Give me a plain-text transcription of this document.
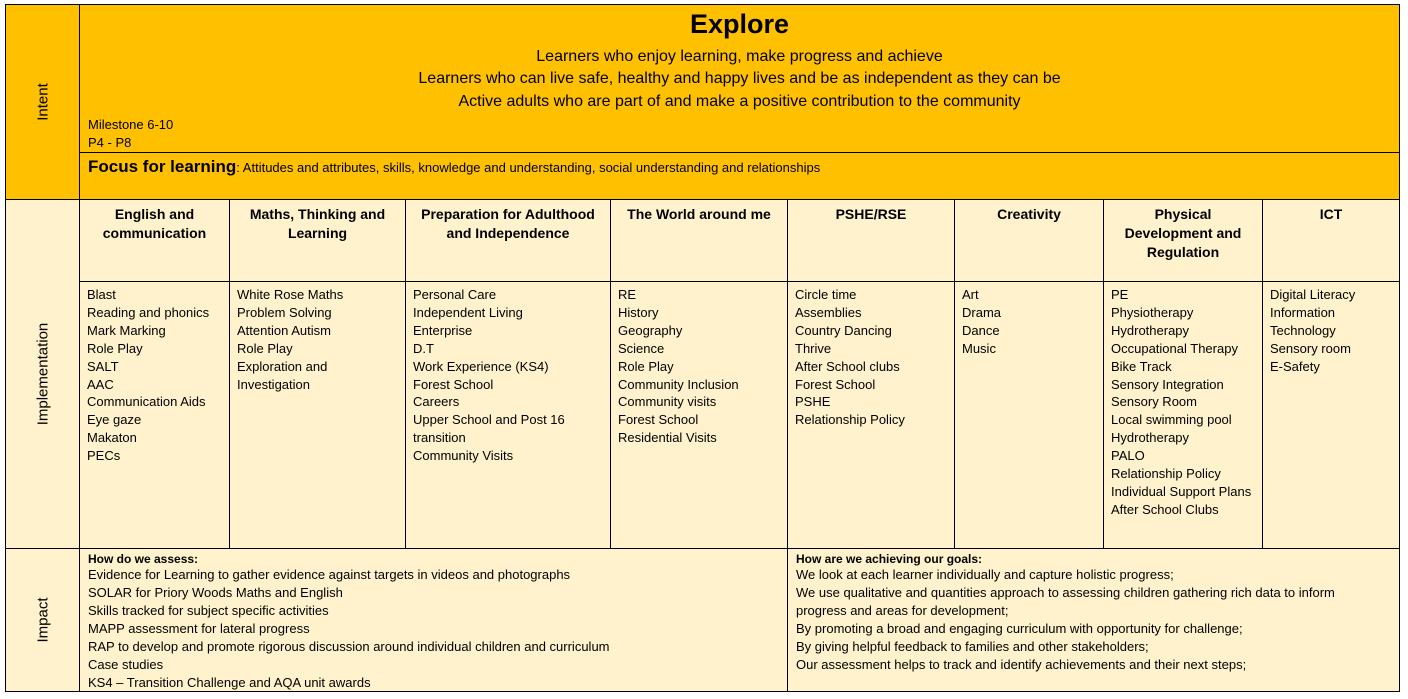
Intent
Explore
Learners who enjoy learning, make progress and achieve
Learners who can live safe, healthy and happy lives and be as independent as they can be
Active adults who are part of and make a positive contribution to the community
Milestone 6-10
P4 - P8
Focus for learning: Attitudes and attributes, skills, knowledge and understanding, social understanding and relationships
Implementation
English and communication
Blast
Reading and phonics
Mark Marking
Role Play
SALT
AAC
Communication Aids
Eye gaze
Makaton
PECs
Maths, Thinking and Learning
White Rose Maths
Problem Solving
Attention Autism
Role Play
Exploration and
Investigation
Preparation for Adulthood and Independence
Personal Care
Independent Living
Enterprise
D.T
Work Experience (KS4)
Forest School
Careers
Upper School and Post 16
transition
Community Visits
The World around me
RE
History
Geography
Science
Role Play
Community Inclusion
Community visits
Forest School
Residential Visits
PSHE/RSE
Circle time
Assemblies
Country Dancing
Thrive
After School clubs
Forest School
PSHE
Relationship Policy
Creativity
Art
Drama
Dance
Music
Physical Development and Regulation
PE
Physiotherapy
Hydrotherapy
Occupational Therapy
Bike Track
Sensory Integration
Sensory Room
Local swimming pool
Hydrotherapy
PALO
Relationship Policy
Individual Support Plans
After School Clubs
ICT
Digital Literacy
Information
Technology
Sensory room
E-Safety
Impact
How do we assess:
Evidence for Learning to gather evidence against targets in videos and photographs
SOLAR for Priory Woods Maths and English
Skills tracked for subject specific activities
MAPP assessment for lateral progress
RAP to develop and promote rigorous discussion around individual children and curriculum
Case studies
KS4 – Transition Challenge and AQA unit awards
How are we achieving our goals:
We look at each learner individually and capture holistic progress;
We use qualitative and quantities approach to assessing children gathering rich data to inform
progress and areas for development;
By promoting a broad and engaging curriculum with opportunity for challenge;
By giving helpful feedback to families and other stakeholders;
Our assessment helps to track and identify achievements and their next steps;
